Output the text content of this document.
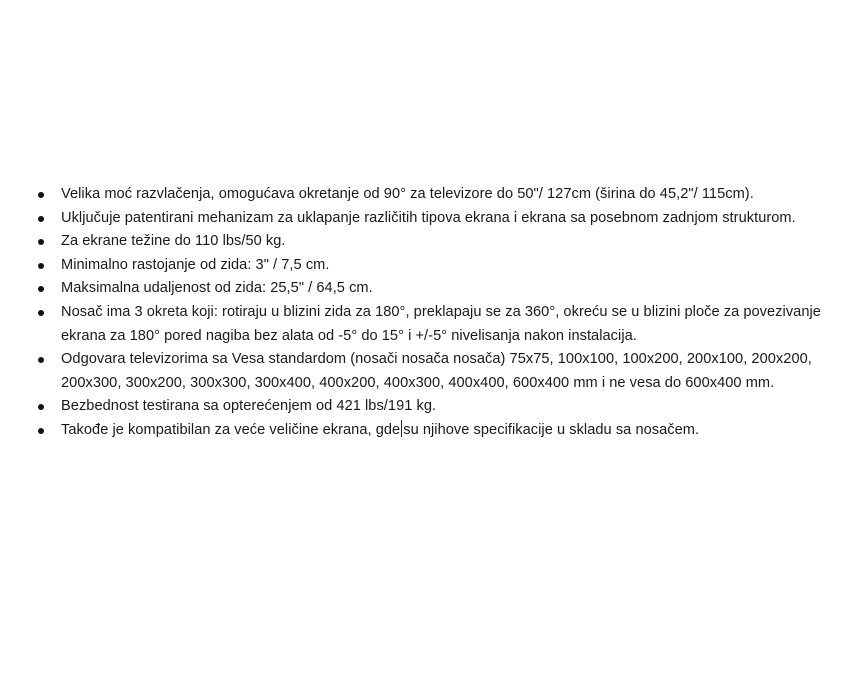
Velika moć razvlačenja, omogućava okretanje od 90° za televizore do 50"/ 127cm (širina do 45,2"/ 115cm).
Uključuje patentirani mehanizam za uklapanje različitih tipova ekrana i ekrana sa posebnom zadnjom strukturom.
Za ekrane težine do 110 lbs/50 kg.
Minimalno rastojanje od zida: 3" / 7,5 cm.
Maksimalna udaljenost od zida: 25,5" / 64,5 cm.
Nosač ima 3 okreta koji: rotiraju u blizini zida za 180°, preklapaju se za 360°, okreću se u blizini ploče za povezivanje ekrana za 180° pored nagiba bez alata od -5° do 15° i +/-5° nivelisanja nakon instalacija.
Odgovara televizorima sa Vesa standardom (nosači nosača nosača) 75x75, 100x100, 100x200, 200x100, 200x200, 200x300, 300x200, 300x300, 300x400, 400x200, 400x300, 400x400, 600x400 mm i ne vesa do 600x400 mm.
Bezbednost testirana sa opterećenjem od 421 lbs/191 kg.
Takođe je kompatibilan za veće veličine ekrana, gde su njihove specifikacije u skladu sa nosačem.
